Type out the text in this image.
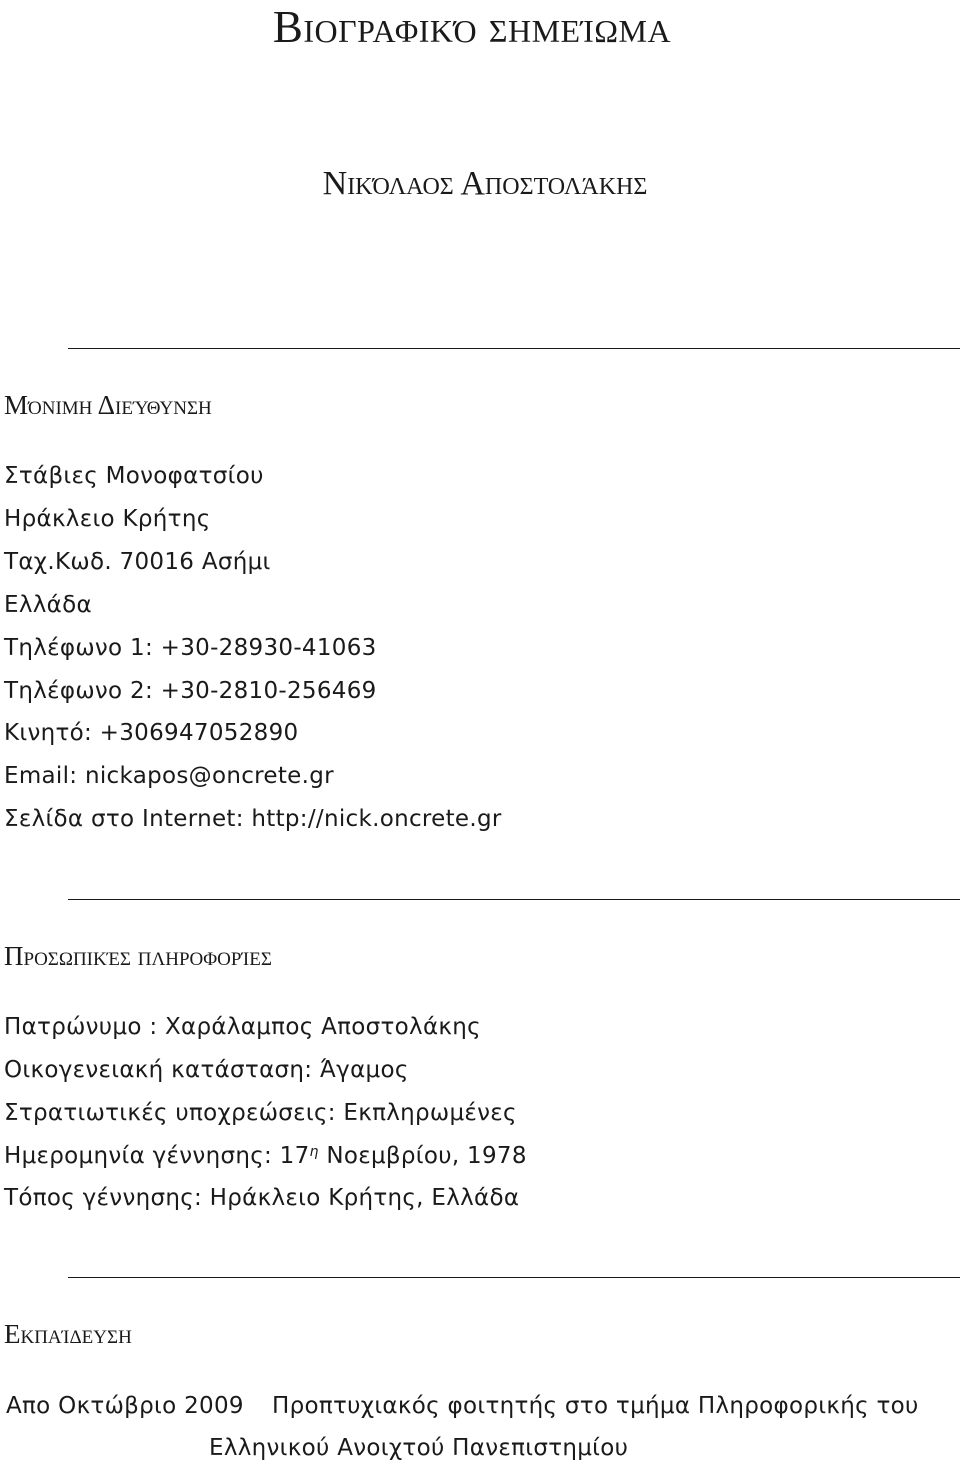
Βιογραφικό σημείωμα
Νικόλαος Αποστολάκης
Μόνιμη Διεύθυνση
Στάβιες Μονοφατσίου
Ηράκλειο Κρήτης
Ταχ.Κωδ. 70016 Ασήμι
Ελλάδα
Τηλέφωνο 1: +30-28930-41063
Τηλέφωνο 2: +30-2810-256469
Κινητό: +306947052890
Email: nickapos@oncrete.gr
Σελίδα στο Internet: http://nick.oncrete.gr
Προσωπικές πληροφορίες
Πατρώνυμο : Χαράλαμπος Αποστολάκης
Οικογενειακή κατάσταση: Άγαμος
Στρατιωτικές υποχρεώσεις: Εκπληρωμένες
Ημερομηνία γέννησης: $17^\eta$ Νοεμβρίου, 1978
Τόπος γέννησης: Ηράκλειο Κρήτης, Ελλάδα
Εκπαίδευση
Απο Οκτώβριο 2009 Προπτυχιακός φοιτητής στο τμήμα Πληροφορικής του
Ελληνικού Ανοιχτού Πανεπιστημίου
